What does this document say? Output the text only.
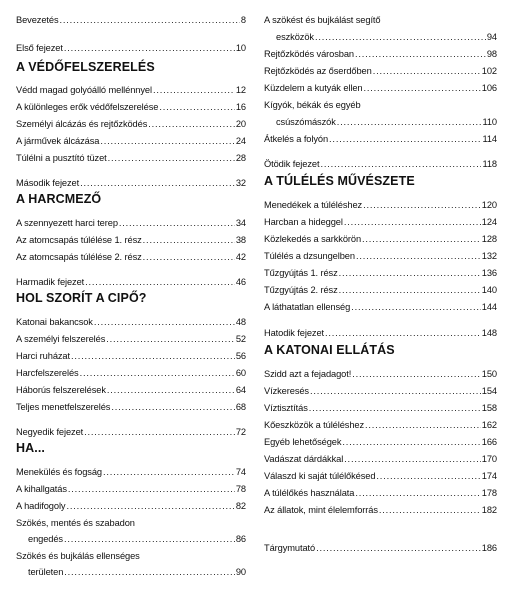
Bevezetés .....	8
Első fejezet .....	10
A VÉDŐFELSZERELÉS
Védd magad golyóálló mellénnyel .....	12
A különleges erők védőfelszerelése .....	16
Személyi álcázás és rejtőzködés .....	20
A járművek álcázása .....	24
Túlélni a pusztító tüzet .....	28
Második fejezet .....	32
A HARCMEZŐ
A szennyezett harci terep .....	34
Az atomcsapás túlélése 1. rész .....	38
Az atomcsapás túlélése 2. rész .....	42
Harmadik fejezet .....	46
HOL SZORÍT A CIPŐ?
Katonai bakancsok .....	48
A személyi felszerelés .....	52
Harci ruházat .....	56
Harcfelszerelés .....	60
Háborús felszerelések .....	64
Teljes menetfelszerelés .....	68
Negyedik fejezet .....	72
HA...
Menekülés és fogság .....	74
A kihallgatás .....	78
A hadifogoly .....	82
Szökés, mentés és szabadon
engedés .....	86
Szökés és bujkálás ellenséges
területen .....	90
A szökést és bujkálást segítő
eszközök .....	94
Rejtőzködés városban .....	98
Rejtőzködés az őserdőben .....	102
Küzdelem a kutyák ellen .....	106
Kígyók, békák és egyéb
csúszómászók .....	110
Átkelés a folyón .....	114
Ötödik fejezet .....	118
A TÚLÉLÉS MŰVÉSZETE
Menedékek a túléléshez .....	120
Harcban a hideggel .....	124
Közlekedés a sarkkörön .....	128
Túlélés a dzsungelben .....	132
Tűzgyújtás 1. rész .....	136
Tűzgyújtás 2. rész .....	140
A láthatatlan ellenség .....	144
Hatodik fejezet .....	148
A KATONAI ELLÁTÁS
Szidd azt a fejadagot! .....	150
Vízkeresés .....	154
Víztisztítás .....	158
Kőeszközök a túléléshez .....	162
Egyéb lehetőségek .....	166
Vadászat dárdákkal .....	170
Válaszd ki saját túlélőkésed .....	174
A túlélőkés használata .....	178
Az állatok, mint élelemforrás .....	182
Tárgymutató .....	186
